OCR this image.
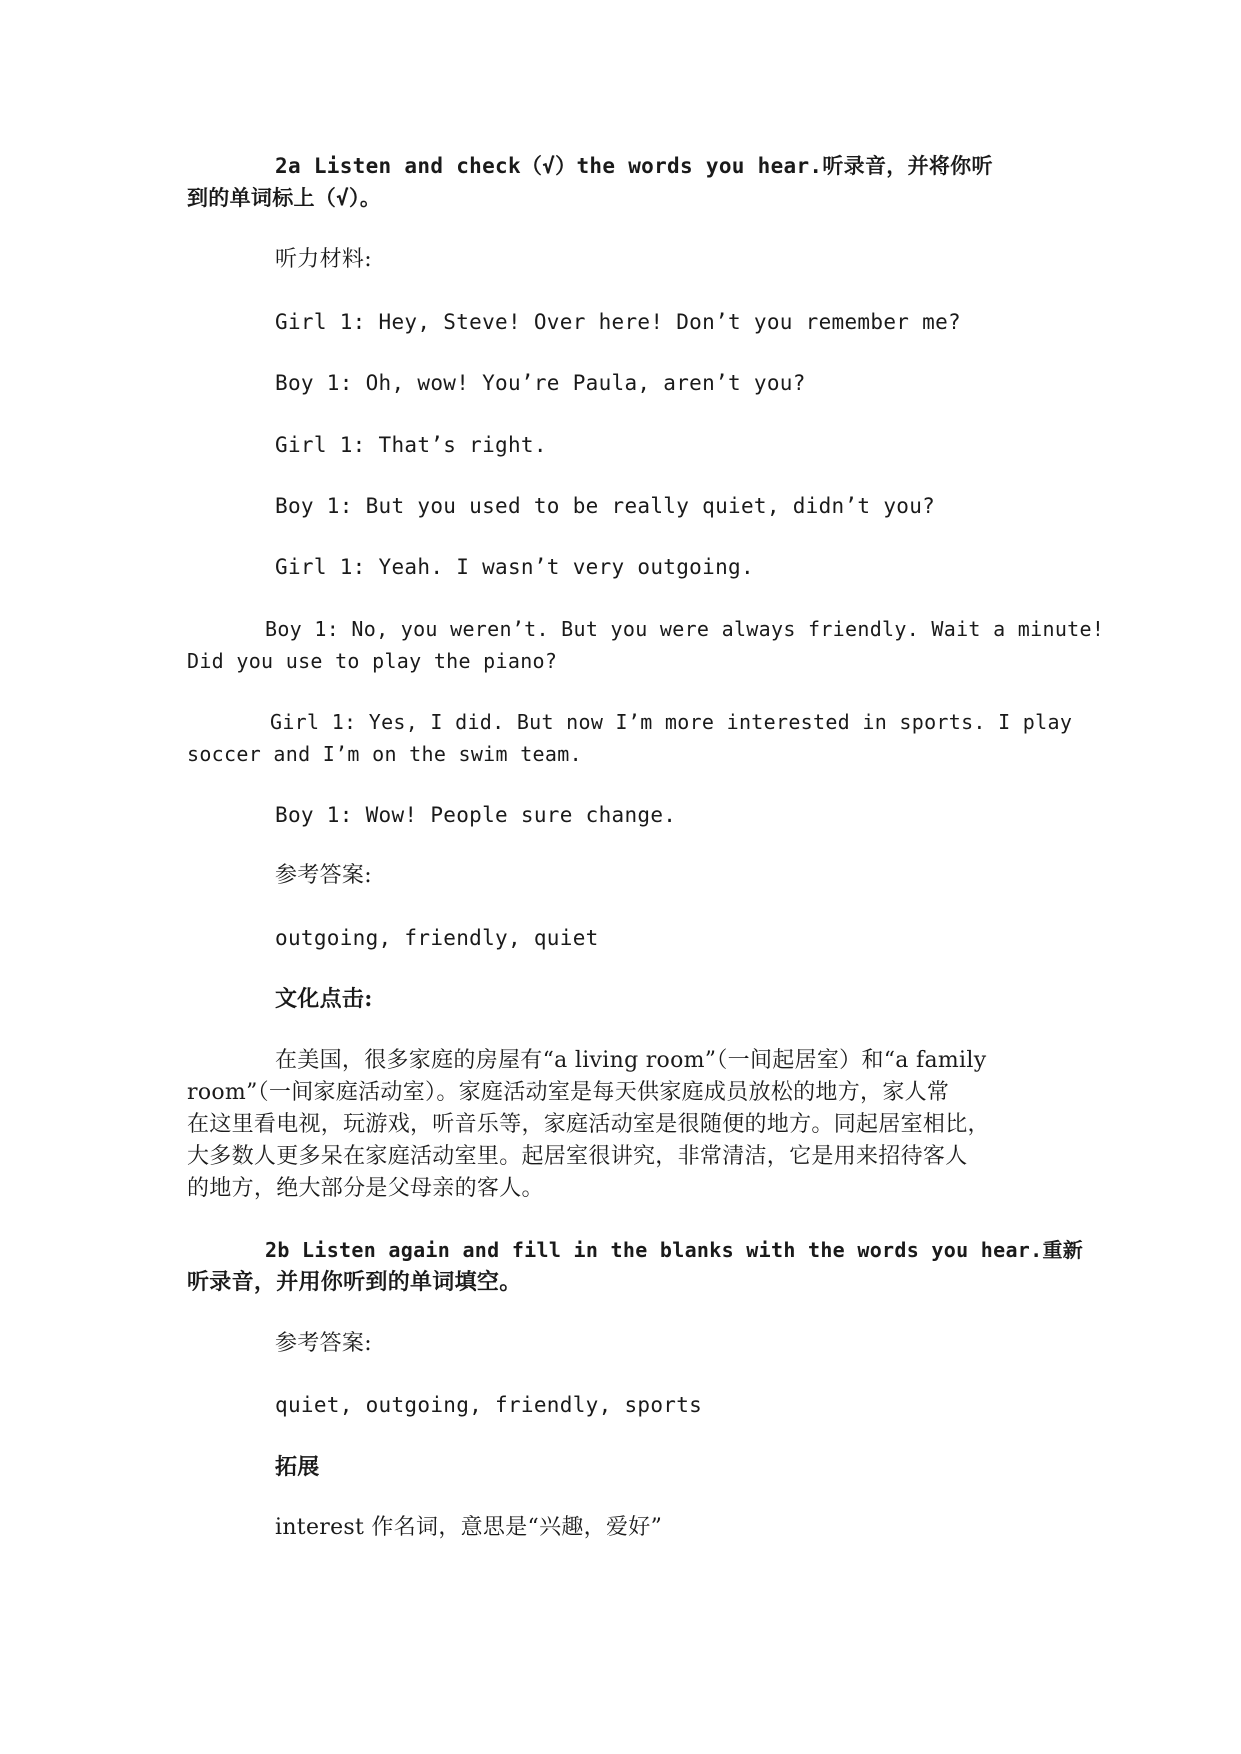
2a Listen and check（√）the words you hear.听录音，并将你听
到的单词标上（√）。
听力材料:
Girl 1: Hey, Steve! Over here! Don’t you remember me?
Boy 1: Oh, wow! You’re Paula, aren’t you?
Girl 1: That’s right.
Boy 1: But you used to be really quiet, didn’t you?
Girl 1: Yeah. I wasn’t very outgoing.
Boy 1: No, you weren’t. But you were always friendly. Wait a minute!
Did you use to play the piano?
Girl 1: Yes, I did. But now I’m more interested in sports. I play
soccer and I’m on the swim team.
Boy 1: Wow! People sure change.
参考答案:
outgoing, friendly, quiet
文化点击:
在美国，很多家庭的房屋有“a living room”（一间起居室）和“a family
room”（一间家庭活动室）。家庭活动室是每天供家庭成员放松的地方，家人常
在这里看电视，玩游戏，听音乐等，家庭活动室是很随便的地方。同起居室相比，
大多数人更多呆在家庭活动室里。起居室很讲究，非常清洁，它是用来招待客人
的地方，绝大部分是父母亲的客人。
2b Listen again and fill in the blanks with the words you hear.重新
听录音，并用你听到的单词填空。
参考答案:
quiet, outgoing, friendly, sports
拓展
interest 作名词，意思是“兴趣，爱好”
